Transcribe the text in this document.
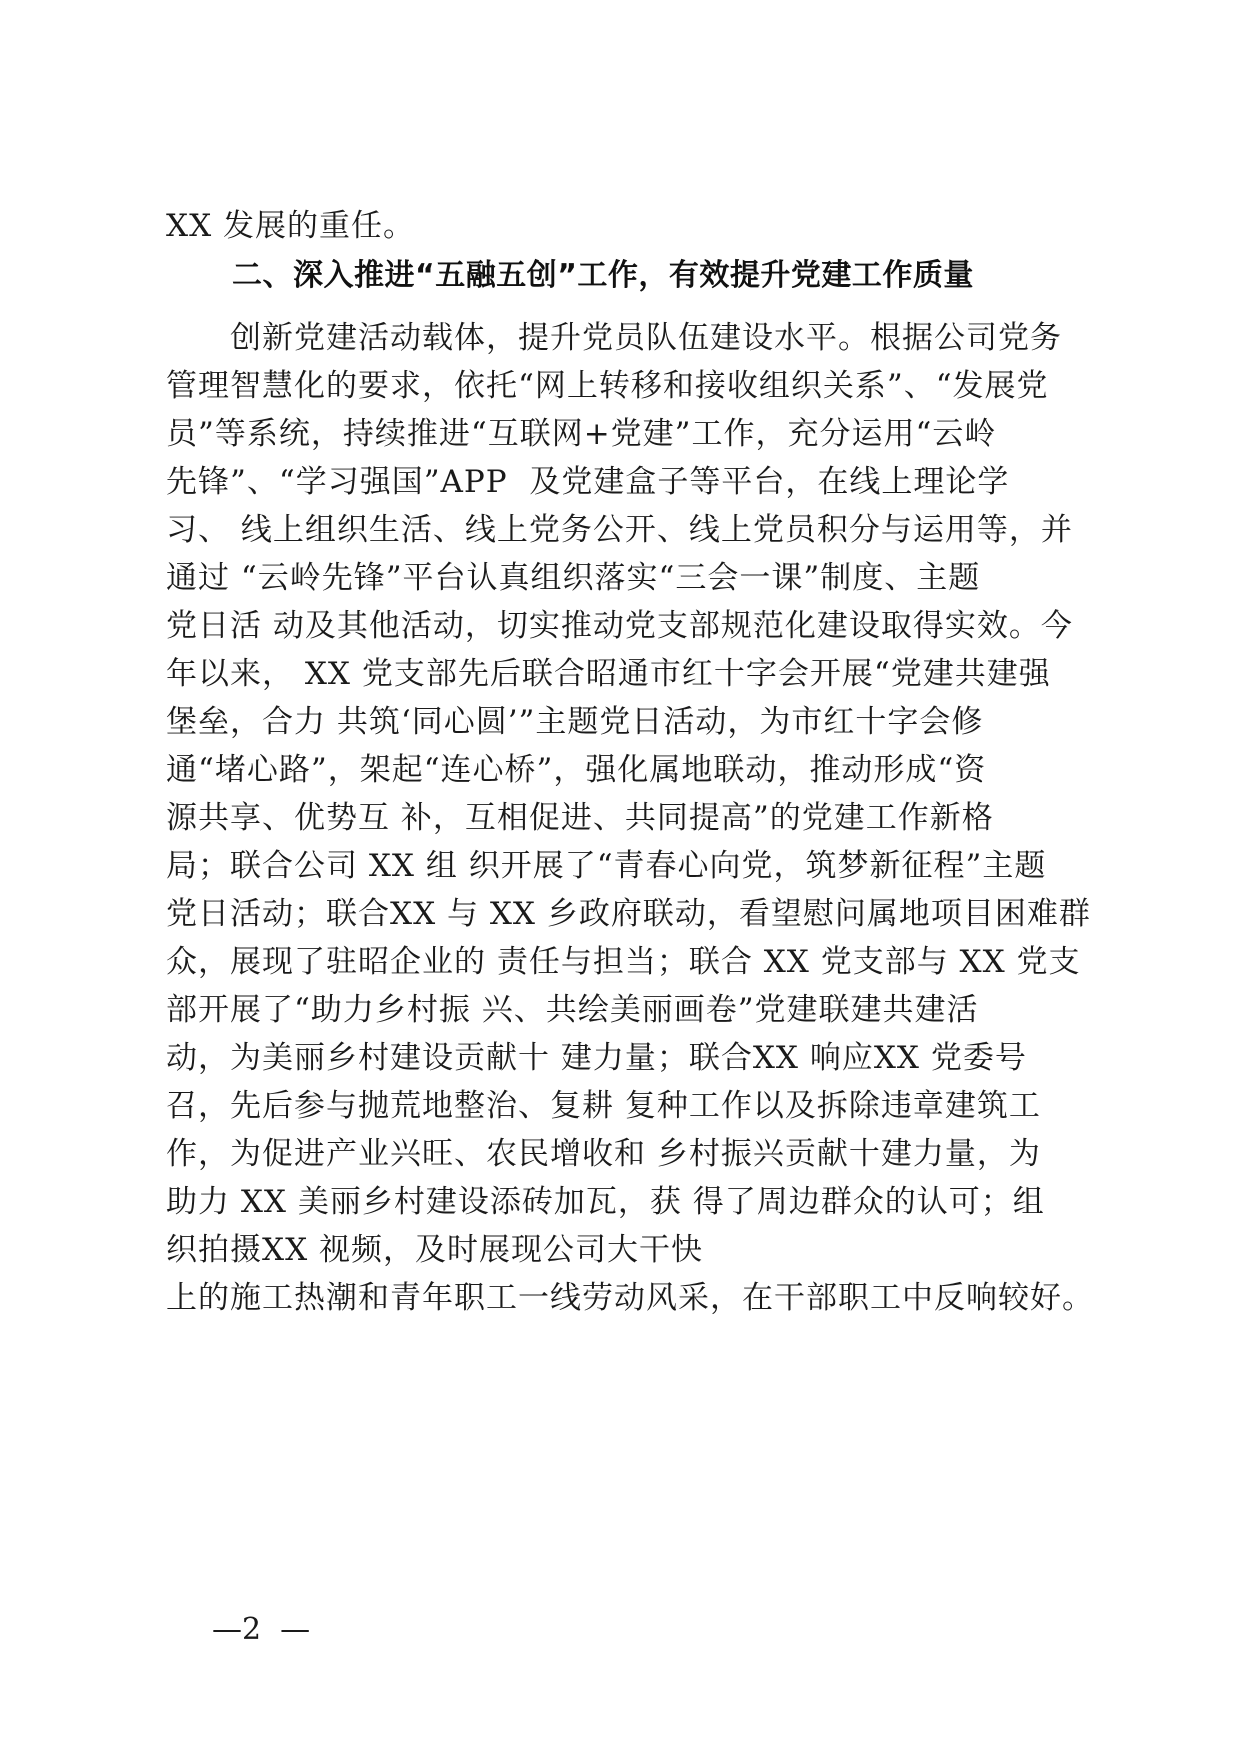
XX 发展的重任。
二、深入推进“五融五创”工作，有效提升党建工作质量
　　创新党建活动载体，提升党员队伍建设水平。根据公司党务
管理智慧化的要求，依托“网上转移和接收组织关系”、“发展党
员”等系统，持续推进“互联网+党建”工作，充分运用“云岭
先锋”、“学习强国”APP  及党建盒子等平台，在线上理论学
习、 线上组织生活、线上党务公开、线上党员积分与运用等，并
通过 “云岭先锋”平台认真组织落实“三会一课”制度、主题
党日活 动及其他活动，切实推动党支部规范化建设取得实效。今
年以来， XX 党支部先后联合昭通市红十字会开展“党建共建强
堡垒，合力 共筑‘同心圆’”主题党日活动，为市红十字会修
通“堵心路”，架起“连心桥”，强化属地联动，推动形成“资
源共享、优势互 补，互相促进、共同提高”的党建工作新格
局；联合公司 XX 组 织开展了“青春心向党，筑梦新征程”主题
党日活动；联合XX 与 XX 乡政府联动，看望慰问属地项目困难群
众，展现了驻昭企业的 责任与担当；联合 XX 党支部与 XX 党支
部开展了“助力乡村振 兴、共绘美丽画卷”党建联建共建活
动，为美丽乡村建设贡献十 建力量；联合XX 响应XX 党委号
召，先后参与抛荒地整治、复耕 复种工作以及拆除违章建筑工
作，为促进产业兴旺、农民增收和 乡村振兴贡献十建力量，为
助力 XX 美丽乡村建设添砖加瓦，获 得了周边群众的认可；组
织拍摄XX 视频，及时展现公司大干快
上的施工热潮和青年职工一线劳动风采，在干部职工中反响较好。
—2  —
